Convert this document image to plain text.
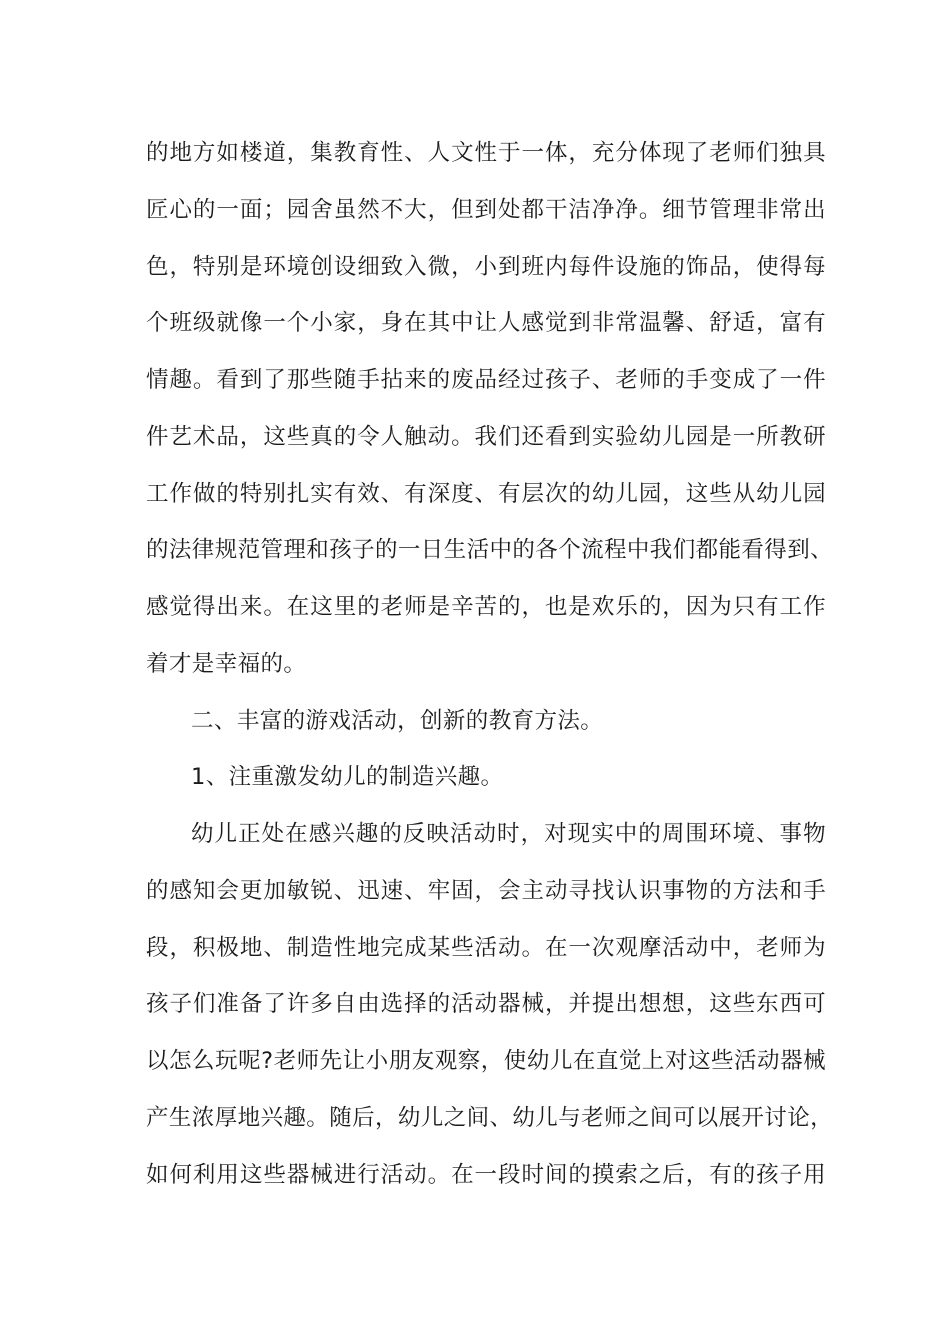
的地方如楼道，集教育性、人文性于一体，充分体现了老师们独具
匠心的一面；园舍虽然不大，但到处都干洁净净。细节管理非常出
色，特别是环境创设细致入微，小到班内每件设施的饰品，使得每
个班级就像一个小家，身在其中让人感觉到非常温馨、舒适，富有
情趣。看到了那些随手拈来的废品经过孩子、老师的手变成了一件
件艺术品，这些真的令人触动。我们还看到实验幼儿园是一所教研
工作做的特别扎实有效、有深度、有层次的幼儿园，这些从幼儿园
的法律规范管理和孩子的一日生活中的各个流程中我们都能看得到、
感觉得出来。在这里的老师是辛苦的，也是欢乐的，因为只有工作
着才是幸福的。
二、丰富的游戏活动，创新的教育方法。
1、注重激发幼儿的制造兴趣。
幼儿正处在感兴趣的反映活动时，对现实中的周围环境、事物
的感知会更加敏锐、迅速、牢固，会主动寻找认识事物的方法和手
段，积极地、制造性地完成某些活动。在一次观摩活动中，老师为
孩子们准备了许多自由选择的活动器械，并提出想想，这些东西可
以怎么玩呢?老师先让小朋友观察，使幼儿在直觉上对这些活动器械
产生浓厚地兴趣。随后，幼儿之间、幼儿与老师之间可以展开讨论，
如何利用这些器械进行活动。在一段时间的摸索之后，有的孩子用
